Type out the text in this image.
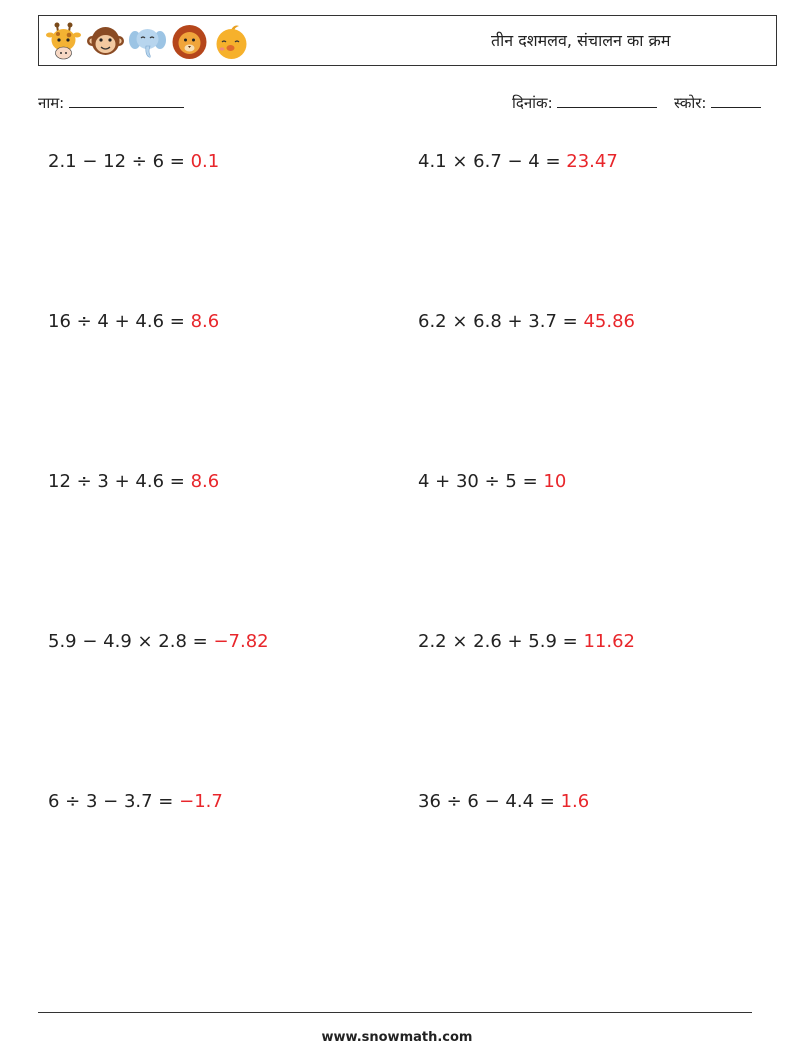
तीन दशमलव, संचालन का क्रम
नाम:	दिनांक:	स्कोर:
2.1 − 12 ÷ 6 = 0.1	4.1 × 6.7 − 4 = 23.47
16 ÷ 4 + 4.6 = 8.6	6.2 × 6.8 + 3.7 = 45.86
12 ÷ 3 + 4.6 = 8.6	4 + 30 ÷ 5 = 10
5.9 − 4.9 × 2.8 = −7.82	2.2 × 2.6 + 5.9 = 11.62
6 ÷ 3 − 3.7 = −1.7	36 ÷ 6 − 4.4 = 1.6
www.snowmath.com
